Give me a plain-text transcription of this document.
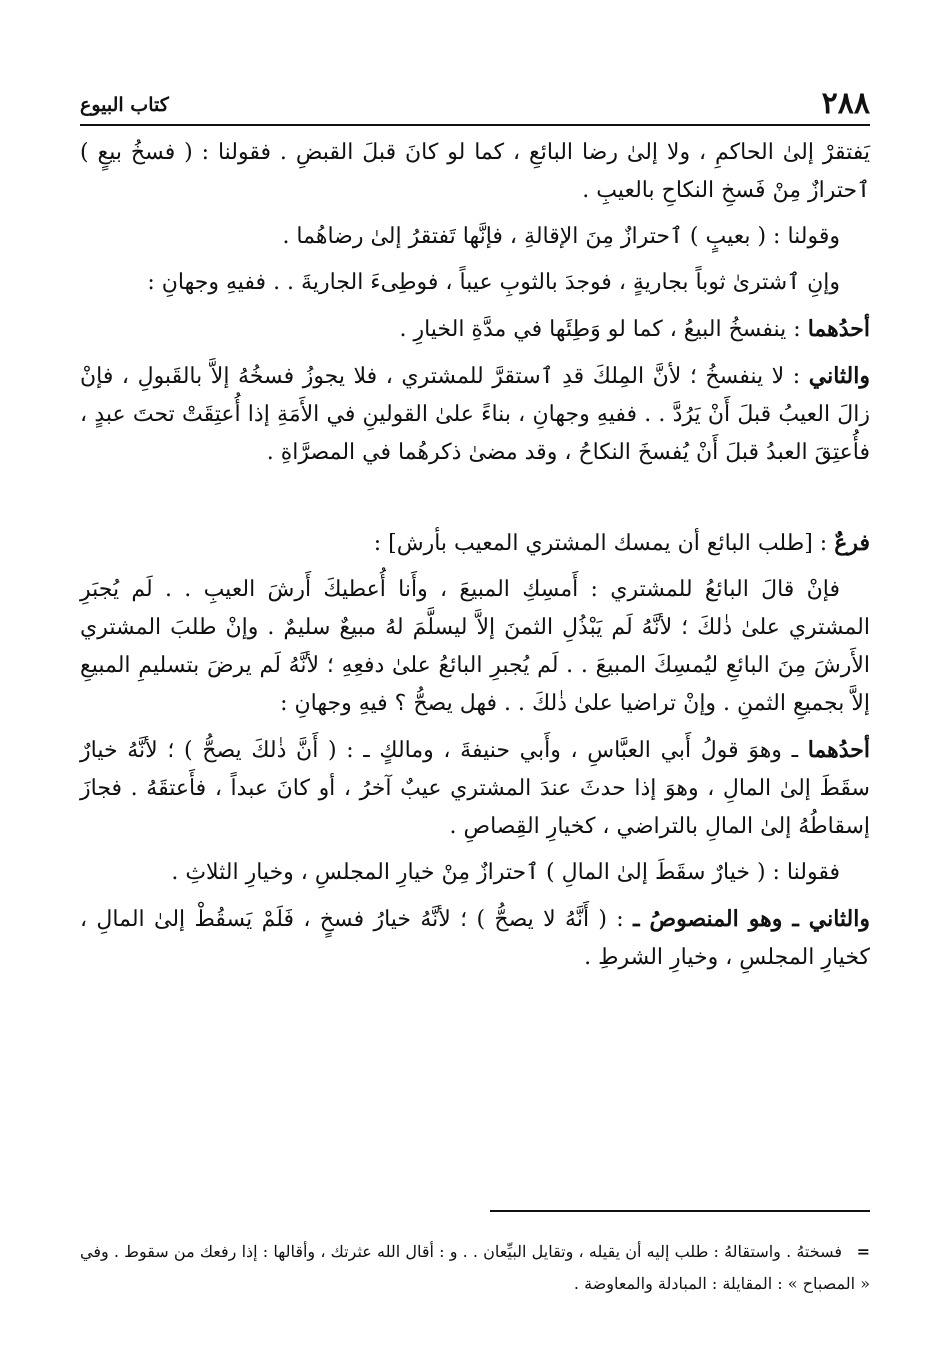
٢٨٨
كتاب البيوع

يَفتقرْ إلىٰ الحاكمِ ، ولا إلىٰ رضا البائعِ ، كما لو كانَ قبلَ القبضِ . فقولنا : ( فسخُ بيعٍ ) ٱحترازٌ مِنْ فَسخِ النكاحِ بالعيبِ .

وقولنا : ( بعيبٍ ) ٱحترازٌ مِنَ الإقالةِ ، فإنَّها تَفتقرُ إلىٰ رضاهُما .

وإنِ ٱشترىٰ ثوباً بجاريةٍ ، فوجدَ بالثوبِ عيباً ، فوطِىءَ الجاريةَ . . ففيهِ وجهانِ :

أحدُهما : ينفسخُ البيعُ ، كما لو وَطِئَها في مدَّةِ الخيارِ .

والثاني : لا ينفسخُ ؛ لأنَّ المِلكَ قدِ ٱستقرَّ للمشتري ، فلا يجوزُ فسخُهُ إلاَّ بالقَبولِ ، فإنْ زالَ العيبُ قبلَ أَنْ يَرُدَّ . . ففيهِ وجهانِ ، بناءً علىٰ القولينِ في الأَمَةِ إذا أُعتِقَتْ تحتَ عبدٍ ، فأُعتِقَ العبدُ قبلَ أَنْ يُفسخَ النكاحُ ، وقد مضىٰ ذكرهُما في المصرَّاةِ .

فرعٌ : [طلب البائع أن يمسك المشتري المعيب بأرش] :

فإنْ قالَ البائعُ للمشتري : أَمسِكِ المبيعَ ، وأَنا أُعطيكَ أَرشَ العيبِ . . لَم يُجبَرِ المشتري علىٰ ذٰلكَ ؛ لأنَّهُ لَم يَبْذُلِ الثمنَ إلاَّ ليسلَّمَ لهُ مبيعٌ سليمٌ . وإنْ طلبَ المشتري الأَرشَ مِنَ البائعِ ليُمسِكَ المبيعَ . . لَم يُجبرِ البائعُ علىٰ دفعِهِ ؛ لأنَّهُ لَم يرضَ بتسليمِ المبيعِ إلاَّ بجميعِ الثمنِ . وإنْ تراضيا علىٰ ذٰلكَ . . فهل يصحُّ ؟ فيهِ وجهانِ :

أحدُهما ـ وهوَ قولُ أَبي العبَّاسِ ، وأَبي حنيفةَ ، ومالكٍ ـ : ( أَنَّ ذٰلكَ يصحُّ ) ؛ لأنَّهُ خيارٌ سقَطَ إلىٰ المالِ ، وهوَ إذا حدثَ عندَ المشتري عيبٌ آخرُ ، أو كانَ عبداً ، فأَعتقَهُ . فجازَ إسقاطُهُ إلىٰ المالِ بالتراضي ، كخيارِ القِصاصِ .

فقولنا : ( خيارٌ سقَطَ إلىٰ المالِ ) ٱحترازٌ مِنْ خيارِ المجلسِ ، وخيارِ الثلاثِ .

والثاني ـ وهو المنصوصُ ـ : ( أَنَّهُ لا يصحُّ ) ؛ لأنَّهُ خيارُ فسخٍ ، فَلَمْ يَسقُطْ إلىٰ المالِ ، كخيارِ المجلسِ ، وخيارِ الشرطِ .

=فسختهُ . واستقالهُ : طلب إليه أن يقيله ، وتقايل البيِّعان . . و : أقال الله عثرتك ، وأقالها : إذا رفعك من سقوط . وفي « المصباح » : المقايلة : المبادلة والمعاوضة .
